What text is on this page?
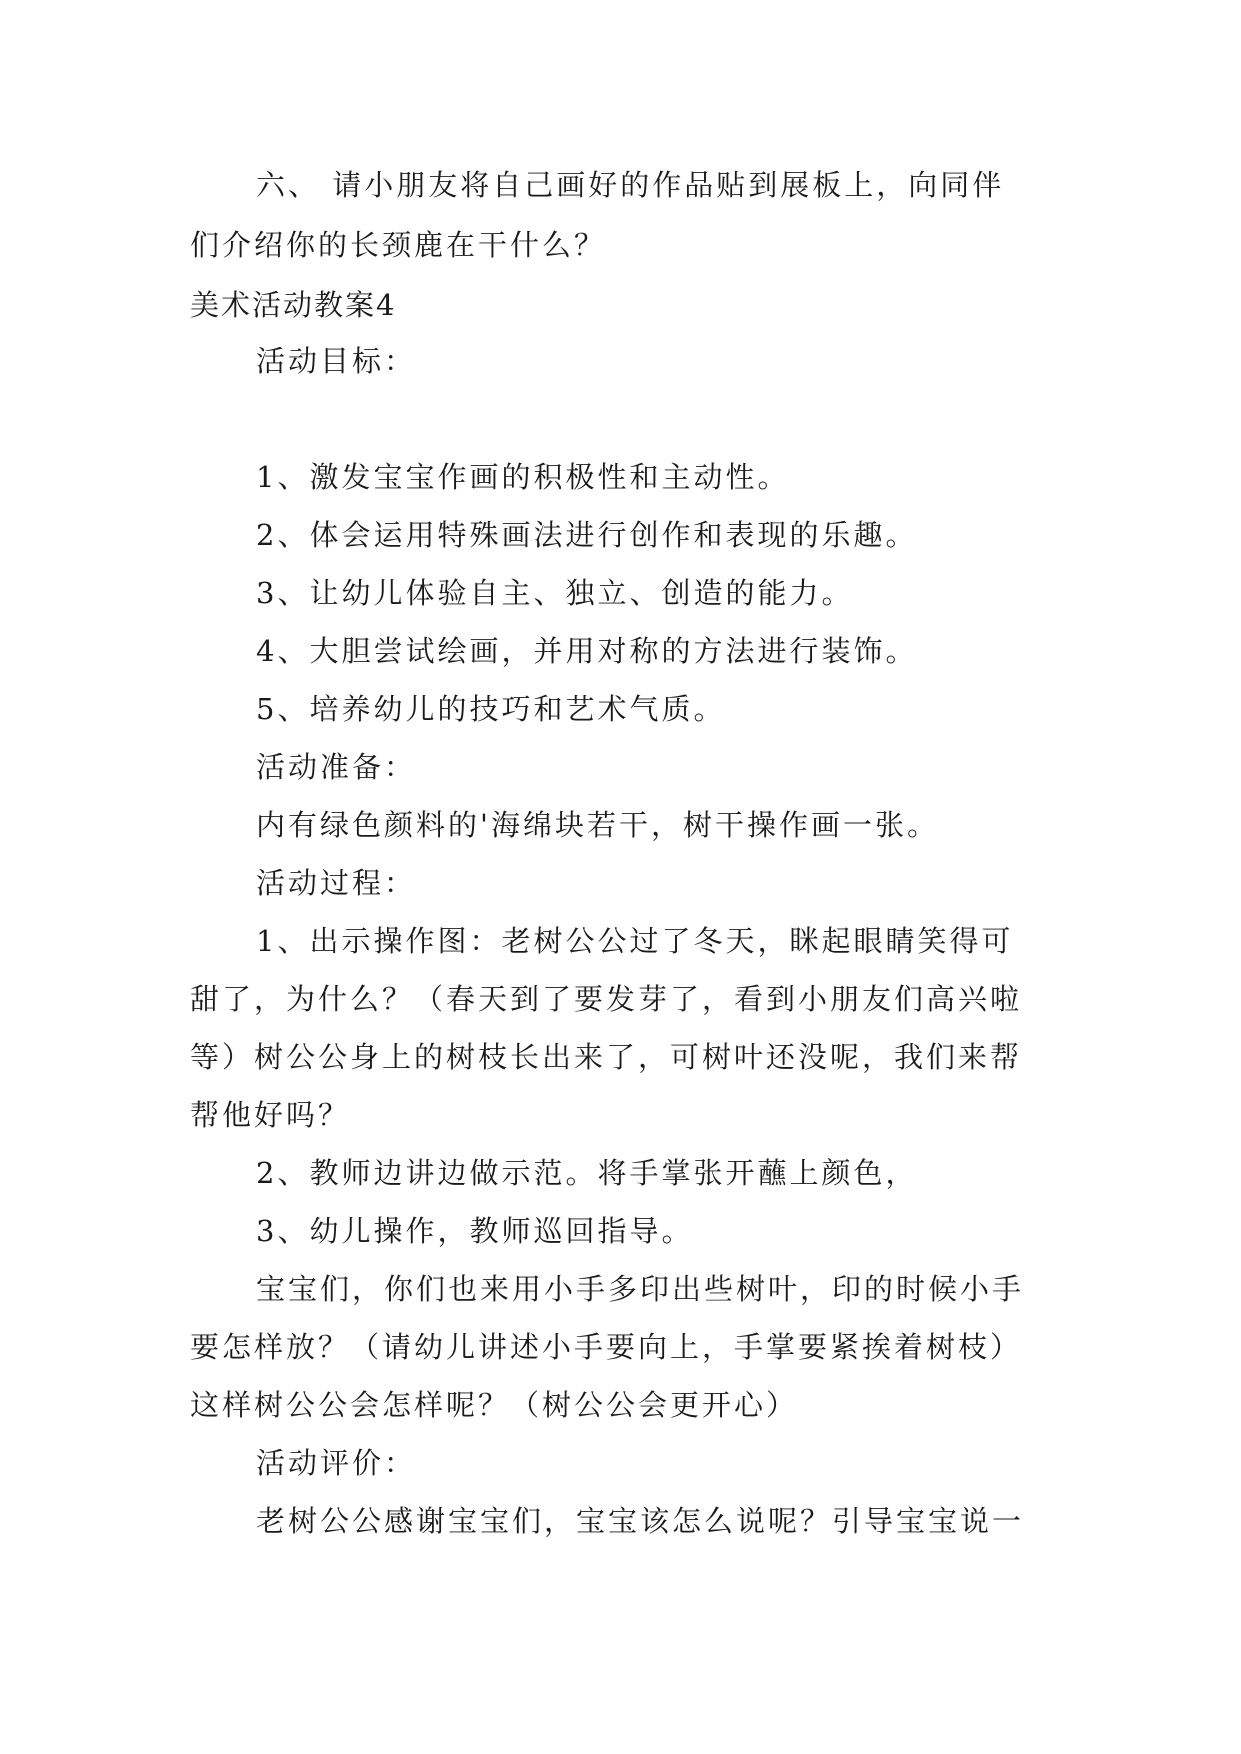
六、 请小朋友将自己画好的作品贴到展板上，向同伴
们介绍你的长颈鹿在干什么？
美术活动教案4
活动目标：
1、激发宝宝作画的积极性和主动性。
2、体会运用特殊画法进行创作和表现的乐趣。
3、让幼儿体验自主、独立、创造的能力。
4、大胆尝试绘画，并用对称的方法进行装饰。
5、培养幼儿的技巧和艺术气质。
活动准备：
内有绿色颜料的'海绵块若干，树干操作画一张。
活动过程：
1、出示操作图：老树公公过了冬天，眯起眼睛笑得可
甜了，为什么？（春天到了要发芽了，看到小朋友们高兴啦
等）树公公身上的树枝长出来了，可树叶还没呢，我们来帮
帮他好吗？
2、教师边讲边做示范。将手掌张开蘸上颜色，
3、幼儿操作，教师巡回指导。
宝宝们，你们也来用小手多印出些树叶，印的时候小手
要怎样放？（请幼儿讲述小手要向上，手掌要紧挨着树枝）
这样树公公会怎样呢？（树公公会更开心）
活动评价：
老树公公感谢宝宝们，宝宝该怎么说呢？引导宝宝说一
